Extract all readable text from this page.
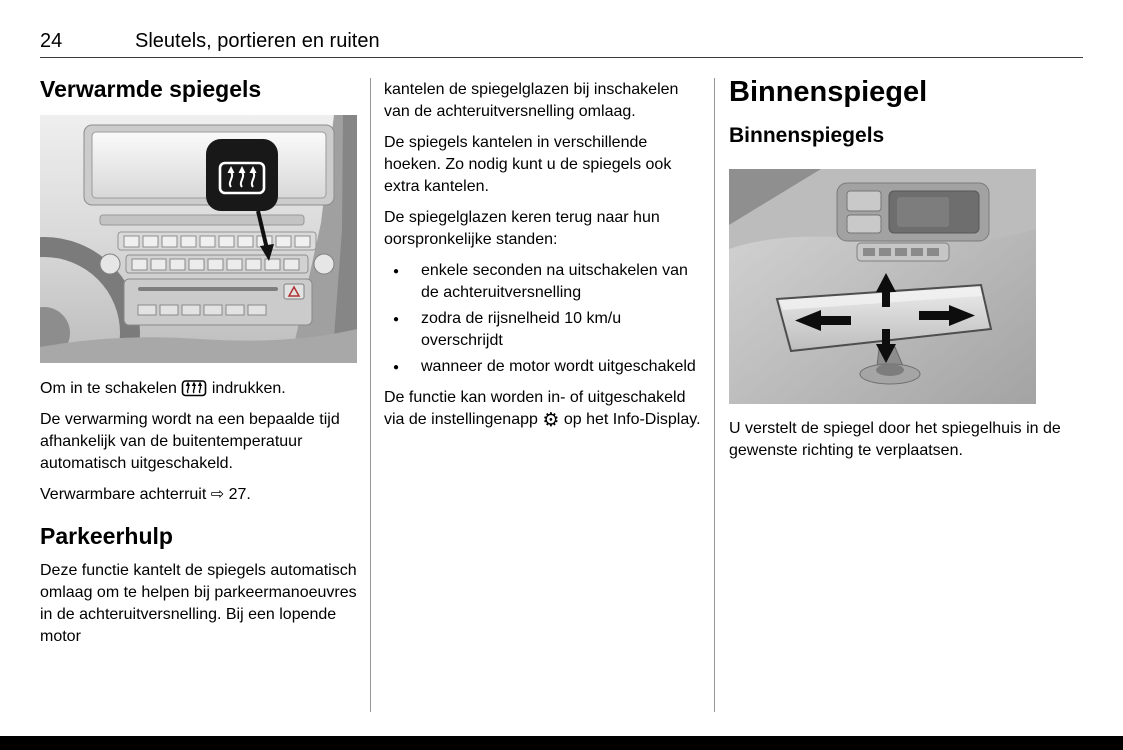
24	Sleutels, portieren en ruiten
Verwarmde spiegels

Om in te schakelen indrukken.

De verwarming wordt na een bepaalde tijd afhankelijk van de buitentemperatuur automatisch uitgeschakeld.

Verwarmbare achterruit ⇨ 27.

Parkeerhulp

Deze functie kantelt de spiegels automatisch omlaag om te helpen bij parkeermanoeuvres in de achteruitversnelling. Bij een lopende motor

kantelen de spiegelglazen bij inschakelen van de achteruitversnelling omlaag.

De spiegels kantelen in verschillende hoeken. Zo nodig kunt u de spiegels ook extra kantelen.

De spiegelglazen keren terug naar hun oorspronkelijke standen:

● enkele seconden na uitschakelen van de achteruitversnelling
● zodra de rijsnelheid 10 km/u overschrijdt
● wanneer de motor wordt uitgeschakeld

De functie kan worden in- of uitgeschakeld via de instellingenapp ⚙ op het Info-Display.

Binnenspiegel
Binnenspiegels

U verstelt de spiegel door het spiegelhuis in de gewenste richting te verplaatsen.
